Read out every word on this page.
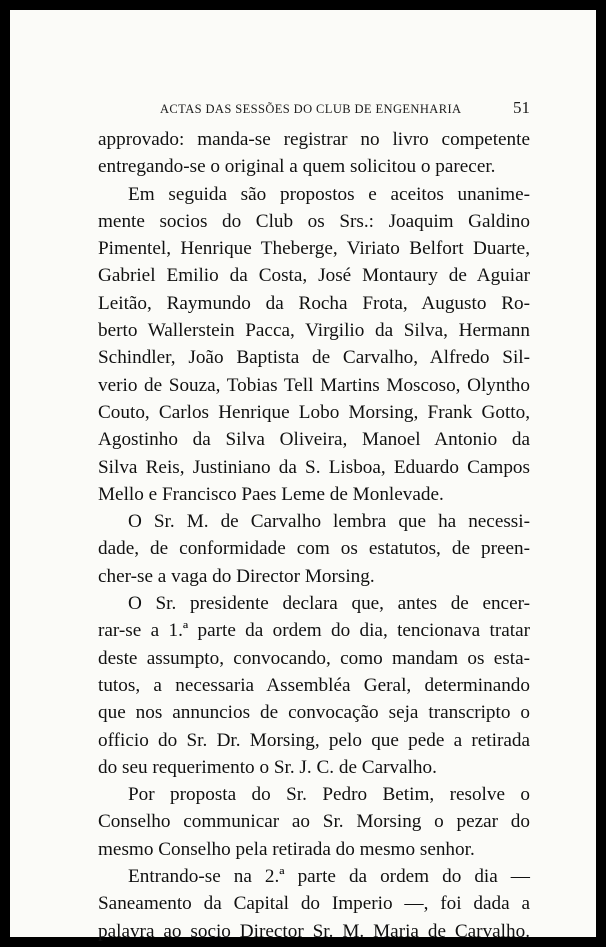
ACTAS DAS SESSÕES DO CLUB DE ENGENHARIA	51
approvado: manda-se registrar no livro competente
entregando-se o original a quem solicitou o parecer.
Em seguida são propostos e aceitos unanime-
mente socios do Club os Srs.: Joaquim Galdino
Pimentel, Henrique Theberge, Viriato Belfort Duarte,
Gabriel Emilio da Costa, José Montaury de Aguiar
Leitão, Raymundo da Rocha Frota, Augusto Ro-
berto Wallerstein Pacca, Virgilio da Silva, Hermann
Schindler, João Baptista de Carvalho, Alfredo Sil-
verio de Souza, Tobias Tell Martins Moscoso, Olyntho
Couto, Carlos Henrique Lobo Morsing, Frank Gotto,
Agostinho da Silva Oliveira, Manoel Antonio da
Silva Reis, Justiniano da S. Lisboa, Eduardo Campos
Mello e Francisco Paes Leme de Monlevade.
O Sr. M. de Carvalho lembra que ha necessi-
dade, de conformidade com os estatutos, de preen-
cher-se a vaga do Director Morsing.
O Sr. presidente declara que, antes de encer-
rar-se a 1.ª parte da ordem do dia, tencionava tratar
deste assumpto, convocando, como mandam os esta-
tutos, a necessaria Assembléa Geral, determinando
que nos annuncios de convocação seja transcripto o
officio do Sr. Dr. Morsing, pelo que pede a retirada
do seu requerimento o Sr. J. C. de Carvalho.
Por proposta do Sr. Pedro Betim, resolve o
Conselho communicar ao Sr. Morsing o pezar do
mesmo Conselho pela retirada do mesmo senhor.
Entrando-se na 2.ª parte da ordem do dia —
Saneamento da Capital do Imperio —, foi dada a
palavra ao socio Director Sr. M. Maria de Carvalho.
